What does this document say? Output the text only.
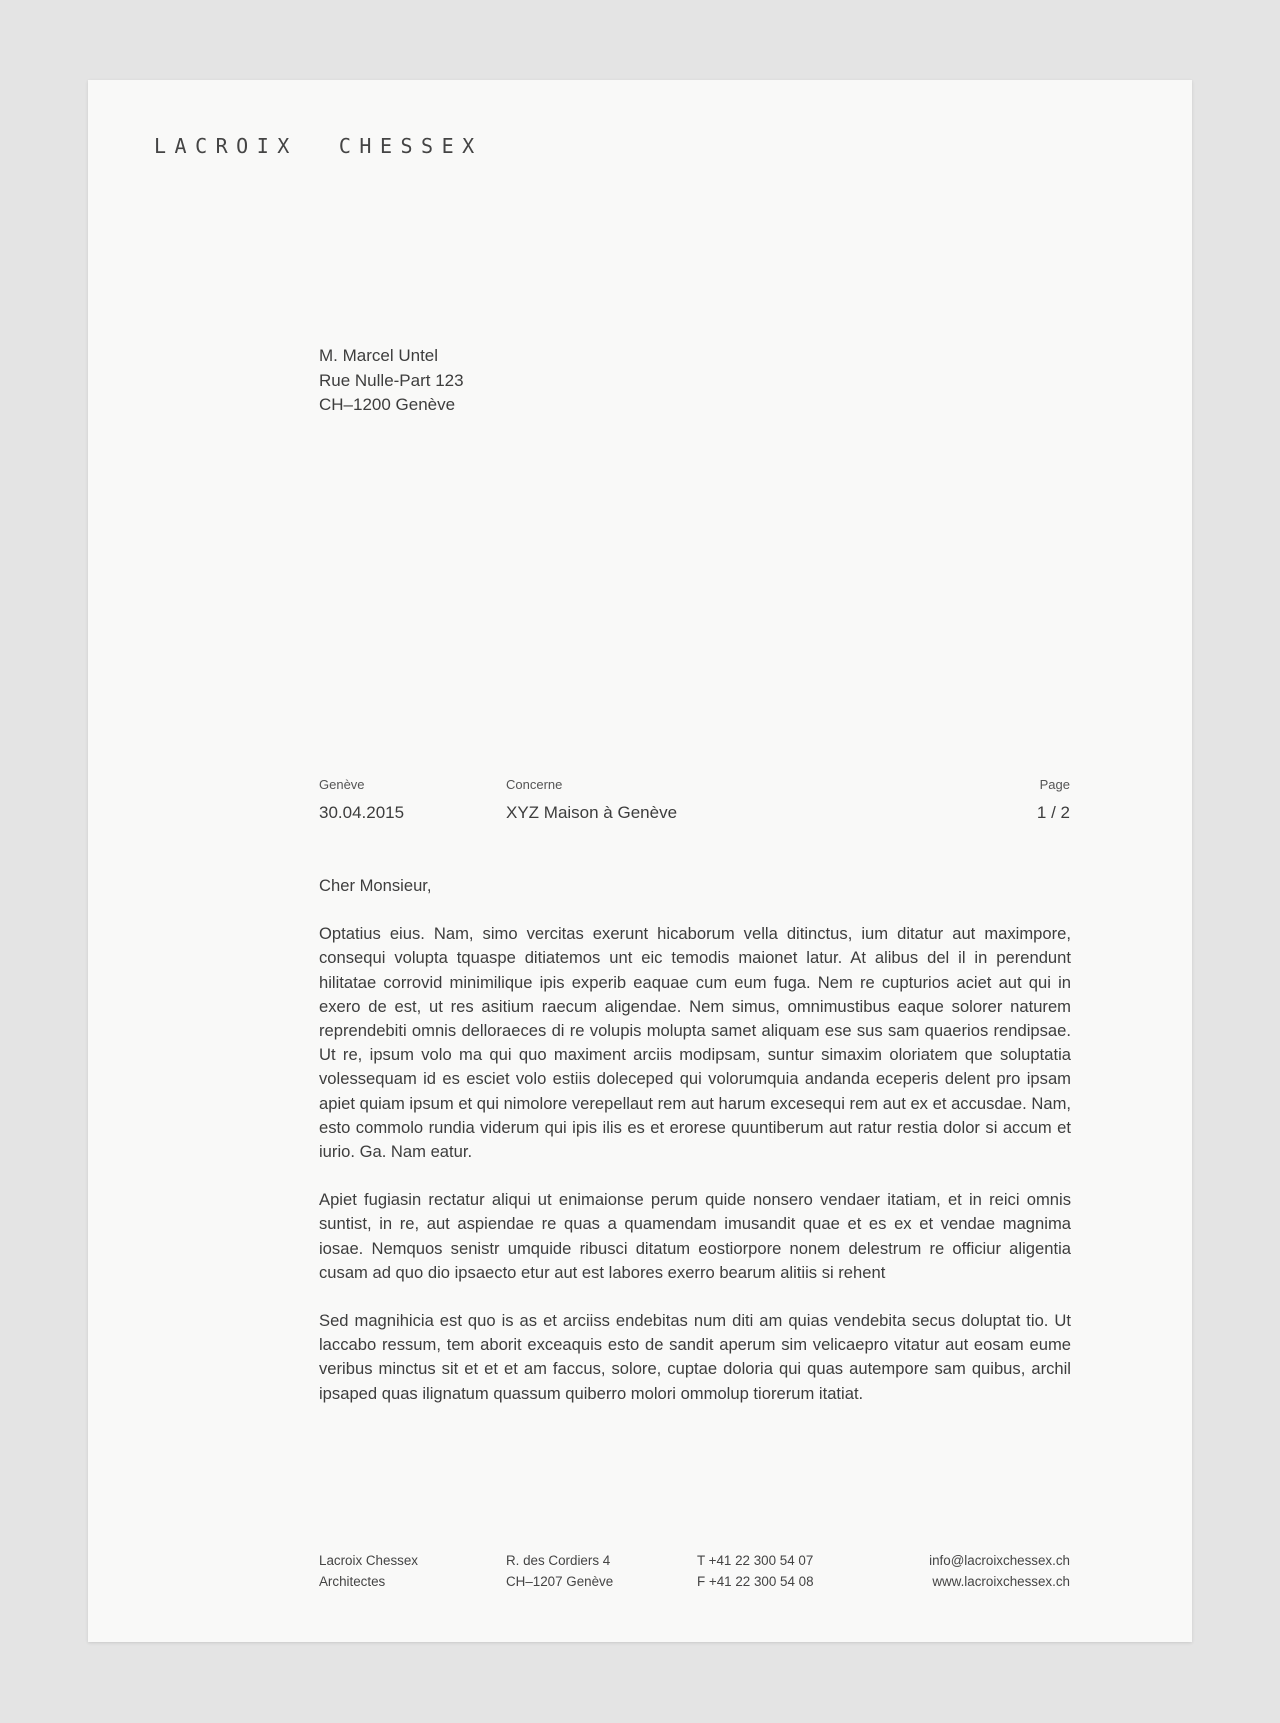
LACROIX  CHESSEX
M. Marcel Untel
Rue Nulle-Part 123
CH–1200 Genève
Genève
30.04.2015
Concerne
XYZ Maison à Genève
Page
1 / 2

Cher Monsieur,

Optatius eius. Nam, simo vercitas exerunt hicaborum vella ditinctus, ium ditatur aut maximpore, consequi volupta tquaspe ditiatemos unt eic temodis maionet latur. At alibus del il in perendunt hilitatae corrovid minimilique ipis experib eaquae cum eum fuga. Nem re cupturios aciet aut qui in exero de est, ut res asitium raecum aligendae. Nem simus, omnimustibus eaque solorer naturem reprendebiti omnis delloraeces di re volupis molupta samet aliquam ese sus sam quaerios rendipsae. Ut re, ipsum volo ma qui quo maximent arciis modipsam, suntur simaxim oloriatem que soluptatia volessequam id es esciet volo estiis doleceped qui volorumquia andanda eceperis delent pro ipsam apiet quiam ipsum et qui nimolore verepellaut rem aut harum excesequi rem aut ex et accusdae. Nam, esto commolo rundia viderum qui ipis ilis es et erorese quuntiberum aut ratur restia dolor si accum et iurio. Ga. Nam eatur.

Apiet fugiasin rectatur aliqui ut enimaionse perum quide nonsero vendaer itatiam, et in reici omnis suntist, in re, aut aspiendae re quas a quamendam imusandit quae et es ex et vendae magnima iosae. Nemquos senistr umquide ribusci ditatum eostiorpore nonem delestrum re officiur aligentia cusam ad quo dio ipsaecto etur aut est labores exerro bearum alitiis si rehent

Sed magnihicia est quo is as et arciiss endebitas num diti am quias vendebita secus doluptat tio. Ut laccabo ressum, tem aborit exceaquis esto de sandit aperum sim velicaepro vitatur aut eosam eume veribus minctus sit et et et am faccus, solore, cuptae doloria qui quas autempore sam quibus, archil ipsaped quas ilignatum quassum quiberro molori ommolup tiorerum itatiat.

Lacroix Chessex
Architectes
R. des Cordiers 4
CH–1207 Genève
T +41 22 300 54 07
F +41 22 300 54 08
info@lacroixchessex.ch
www.lacroixchessex.ch
